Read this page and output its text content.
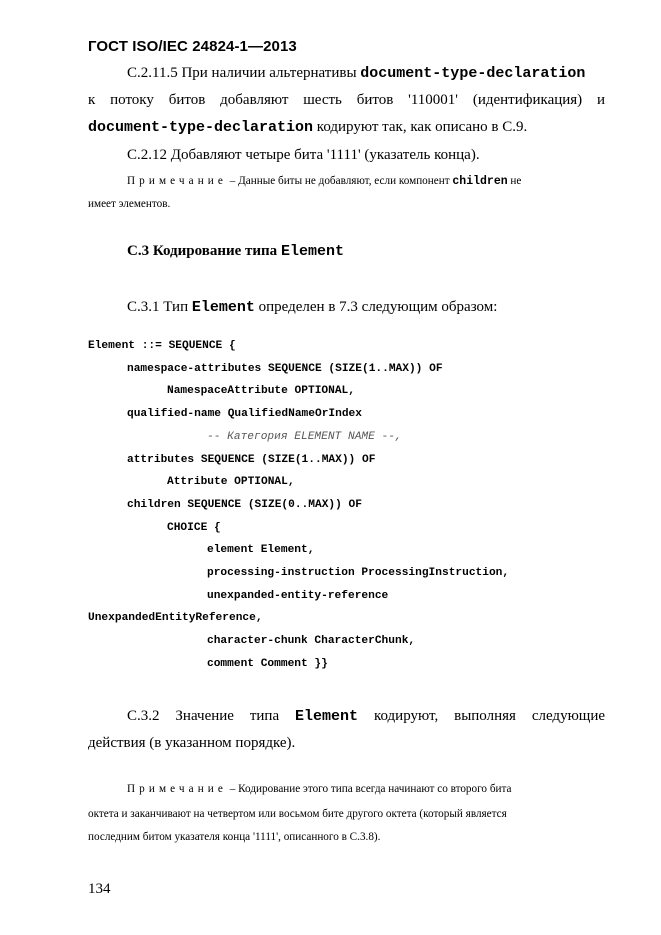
ГОСТ ISO/IEC 24824-1—2013
C.2.11.5 При наличии альтернативы document-type-declaration
к потоку битов добавляют шесть битов '110001' (идентификация) и
document-type-declaration кодируют так, как описано в С.9.
С.2.12 Добавляют четыре бита '1111' (указатель конца).
Примечание – Данные биты не добавляют, если компонент children не
имеет элементов.
С.3 Кодирование типа Element
С.3.1 Тип Element определен в 7.3 следующим образом:
Element ::= SEQUENCE {
namespace-attributes SEQUENCE (SIZE(1..MAX)) OF
NamespaceAttribute OPTIONAL,
qualified-name QualifiedNameOrIndex
-- Категория ELEMENT NAME --,
attributes SEQUENCE (SIZE(1..MAX)) OF
Attribute OPTIONAL,
children SEQUENCE (SIZE(0..MAX)) OF
CHOICE {
element Element,
processing-instruction ProcessingInstruction,
unexpanded-entity-reference
UnexpandedEntityReference,
character-chunk CharacterChunk,
comment Comment }}
С.3.2 Значение типа Element кодируют, выполняя следующие
действия (в указанном порядке).
Примечание – Кодирование этого типа всегда начинают со второго бита
октета и заканчивают на четвертом или восьмом бите другого октета (который является
последним битом указателя конца '1111', описанного в С.3.8).
134
